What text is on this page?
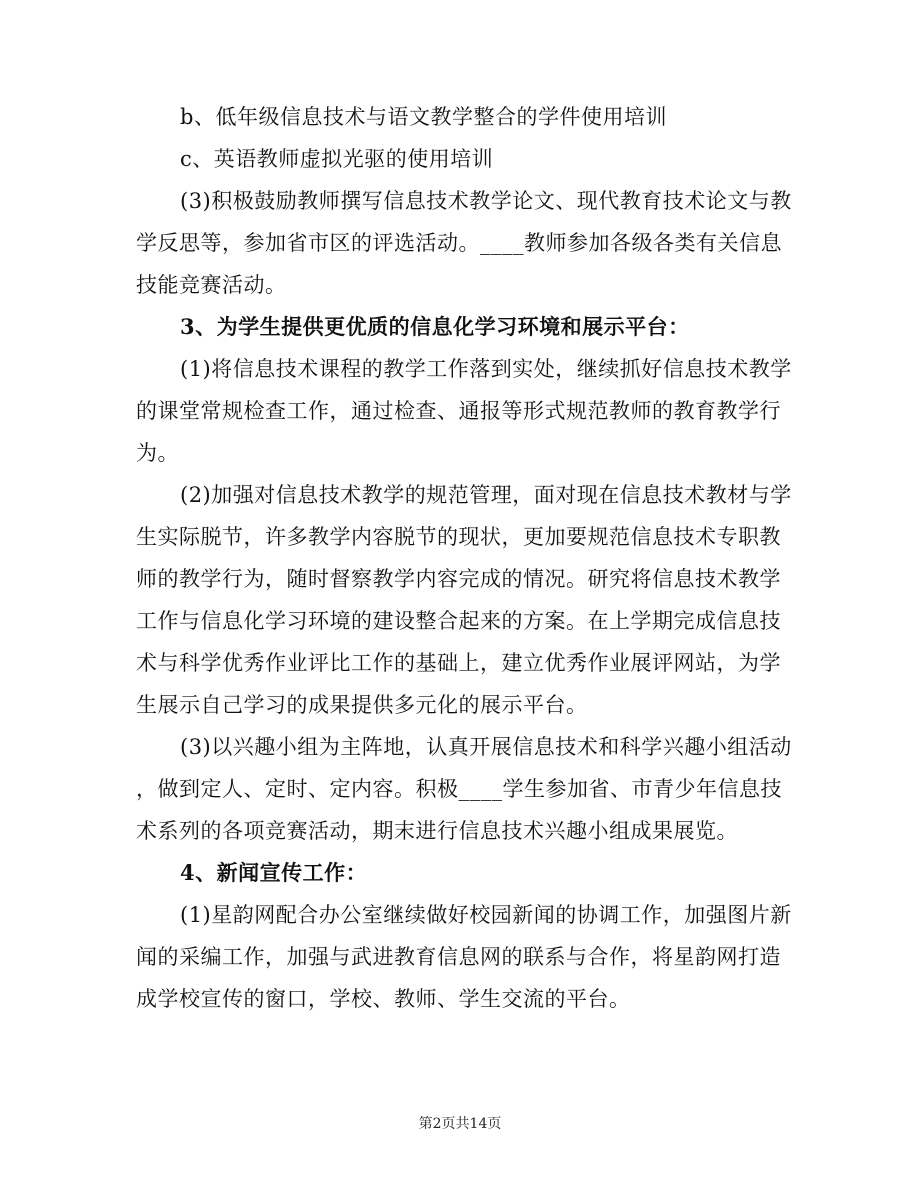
b、低年级信息技术与语文教学整合的学件使用培训
c、英语教师虚拟光驱的使用培训
(3)积极鼓励教师撰写信息技术教学论文、现代教育技术论文与教
学反思等，参加省市区的评选活动。____教师参加各级各类有关信息
技能竞赛活动。
3、为学生提供更优质的信息化学习环境和展示平台：
(1)将信息技术课程的教学工作落到实处，继续抓好信息技术教学
的课堂常规检查工作，通过检查、通报等形式规范教师的教育教学行
为。
(2)加强对信息技术教学的规范管理，面对现在信息技术教材与学
生实际脱节，许多教学内容脱节的现状，更加要规范信息技术专职教
师的教学行为，随时督察教学内容完成的情况。研究将信息技术教学
工作与信息化学习环境的建设整合起来的方案。在上学期完成信息技
术与科学优秀作业评比工作的基础上，建立优秀作业展评网站，为学
生展示自己学习的成果提供多元化的展示平台。
(3)以兴趣小组为主阵地，认真开展信息技术和科学兴趣小组活动
，做到定人、定时、定内容。积极____学生参加省、市青少年信息技
术系列的各项竞赛活动，期末进行信息技术兴趣小组成果展览。
4、新闻宣传工作：
(1)星韵网配合办公室继续做好校园新闻的协调工作，加强图片新
闻的采编工作，加强与武进教育信息网的联系与合作，将星韵网打造
成学校宣传的窗口，学校、教师、学生交流的平台。
第2页共14页
